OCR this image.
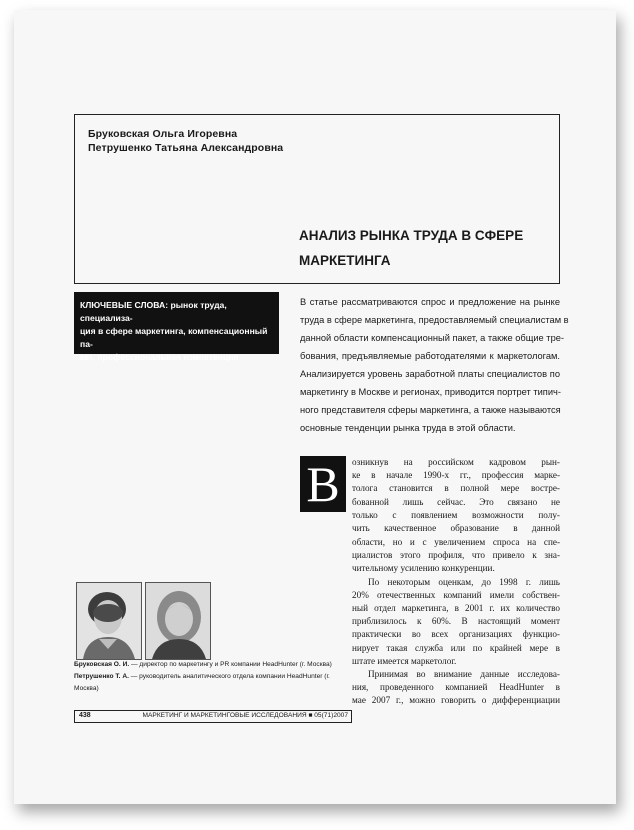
Бруковская Ольга Игоревна
Петрушенко Татьяна Александровна
АНАЛИЗ РЫНКА ТРУДА В СФЕРЕ
МАРКЕТИНГА
КЛЮЧЕВЫЕ СЛОВА: рынок труда, специализа-
ция в сфере маркетинга, компенсационный па-
кет, профессиональная компетенция
В статье рассматриваются спрос и предложение на рынке
труда в сфере маркетинга, предоставляемый специалистам в
данной области компенсационный пакет, а также общие тре-
бования, предъявляемые работодателями к маркетологам.
Анализируется уровень заработной платы специалистов по
маркетингу в Москве и регионах, приводится портрет типич-
ного представителя сферы маркетинга, а также называются
основные тенденции рынка труда в этой области.
В	озникнув на российском кадровом рын-
ке в начале 1990-х гг., профессия марке-
толога становится в полной мере востре-
бованной лишь сейчас. Это связано не
только с появлением возможности полу-
чить качественное образование в данной
области, но и с увеличением спроса на спе-
циалистов этого профиля, что привело к зна-
чительному усилению конкуренции.
По некоторым оценкам, до 1998 г. лишь
20% отечественных компаний имели собствен-
ный отдел маркетинга, в 2001 г. их количество
приблизилось к 60%. В настоящий момент
практически во всех организациях функцио-
нирует такая служба или по крайней мере в
штате имеется маркетолог.
Принимая во внимание данные исследова-
ния, проведенного компанией HeadHunter в
мае 2007 г., можно говорить о дифференциации
Бруковская О. И. — директор по маркетингу и PR компании HeadHunter (г. Москва)
Петрушенко Т. А. — руководитель аналитического отдела компании HeadHunter (г. Москва)
438	МАРКЕТИНГ И МАРКЕТИНГОВЫЕ ИССЛЕДОВАНИЯ ■ 05(71)2007
